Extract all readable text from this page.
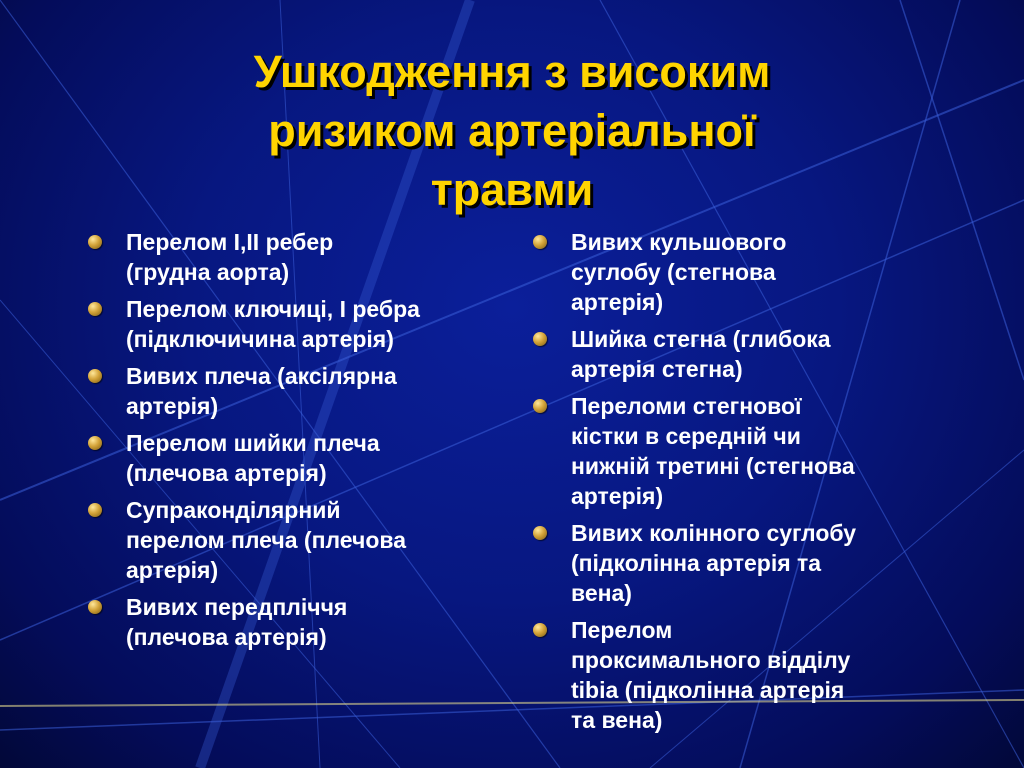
Ушкодження з високим
ризиком артеріальної
травми
Перелом I,II ребер
(грудна аорта)
Перелом ключиці, I ребра
(підключичина артерія)
Вивих плеча (аксілярна
артерія)
Перелом шийки плеча
(плечова артерія)
Супраконділярний
перелом плеча (плечова
артерія)
Вивих передпліччя
(плечова артерія)
Вивих кульшового
суглобу (стегнова
артерія)
Шийка стегна (глибока
артерія стегна)
Переломи стегнової
кістки в середній чи
нижній третині (стегнова
артерія)
Вивих колінного суглобу
(підколінна артерія та
вена)
Перелом
проксимального відділу
tibia (підколінна артерія
та вена)
